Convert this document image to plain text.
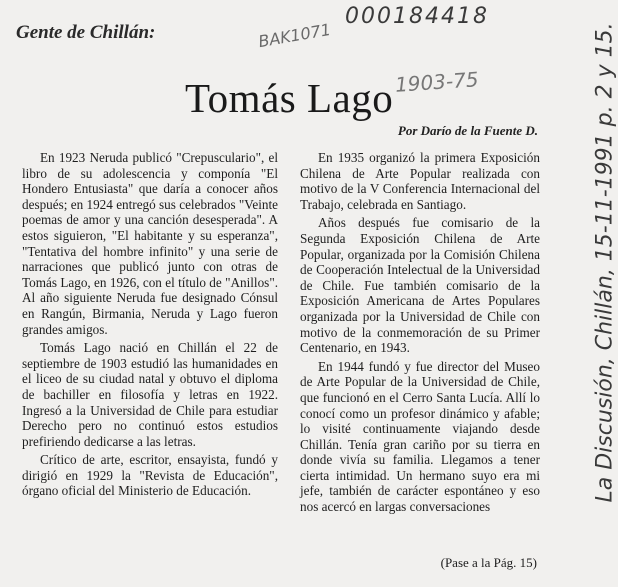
Gente de Chillán:
000184418
BAK1071
Tomás Lago 1903-75
Por Darío de la Fuente D.

En 1923 Neruda publicó "Crepusculario", el libro de su adolescencia y componía "El Hondero Entusiasta" que daría a conocer años después; en 1924 entregó sus celebrados "Veinte poemas de amor y una canción desesperada". A estos siguieron, "El habitante y su esperanza", "Tentativa del hombre infinito" y una serie de narraciones que publicó junto con otras de Tomás Lago, en 1926, con el título de "Anillos". Al año siguiente Neruda fue designado Cónsul en Rangún, Birmania, Neruda y Lago fueron grandes amigos.

Tomás Lago nació en Chillán el 22 de septiembre de 1903 estudió las humanidades en el liceo de su ciudad natal y obtuvo el diploma de bachiller en filosofía y letras en 1922. Ingresó a la Universidad de Chile para estudiar Derecho pero no continuó estos estudios prefiriendo dedicarse a las letras.

Crítico de arte, escritor, ensayista, fundó y dirigió en 1929 la "Revista de Educación", órgano oficial del Ministerio de Educación.

En 1935 organizó la primera Exposición Chilena de Arte Popular realizada con motivo de la V Conferencia Internacional del Trabajo, celebrada en Santiago.

Años después fue comisario de la Segunda Exposición Chilena de Arte Popular, organizada por la Comisión Chilena de Cooperación Intelectual de la Universidad de Chile. Fue también comisario de la Exposición Americana de Artes Populares organizada por la Universidad de Chile con motivo de la conmemoración de su Primer Centenario, en 1943.

En 1944 fundó y fue director del Museo de Arte Popular de la Universidad de Chile, que funcionó en el Cerro Santa Lucía. Allí lo conocí como un profesor dinámico y afable; lo visité continuamente viajando desde Chillán. Tenía gran cariño por su tierra en donde vivía su familia. Llegamos a tener cierta intimidad. Un hermano suyo era mi jefe, también de carácter espontáneo y eso nos acercó en largas conversaciones

(Pase a la Pág. 15)
La Discusión, Chillán, 15-11-1991 p. 2 y 15.
